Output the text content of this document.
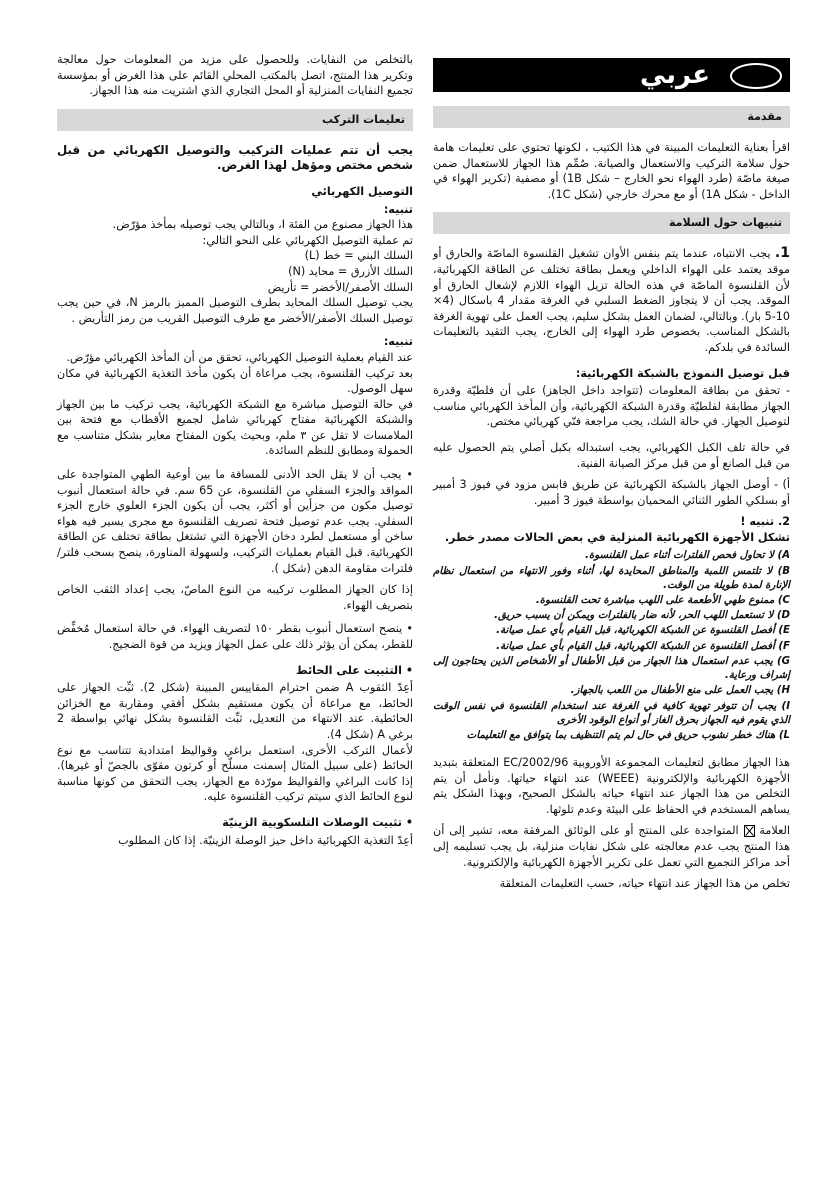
عربي
مقدمة

اقرأ بعناية التعليمات المبينة في هذا الكتيب ، لكونها تحتوي على تعليمات هامة حول سلامة التركيب والاستعمال والصيانة. صُمِّم هذا الجهاز للاستعمال ضمن صيغة ماصّة (طرد الهواء نحو الخارج – شكل 1B) أو مصفية (تكرير الهواء في الداخل - شكل 1A) أو مع محرك خارجي (شكل 1C).

تنبيهات حول السلامة

1. يجب الانتباه، عندما يتم بنفس الأوان تشغيل القلنسوة الماصّة والحارق أو موقد يعتمد على الهواء الداخلي ويعمل بطاقة تختلف عن الطاقة الكهربائية، لأن القلنسوة الماصّة في هذه الحالة تزيل الهواء اللازم لإشعال الحارق أو الموقد. يجب أن لا يتجاوز الضغط السلبي في الغرفة مقدار 4 باسكال (4× 10-5 بار). وبالتالي، لضمان العمل بشكل سليم، يجب العمل على تهوية الغرفة بالشكل المناسب. بخصوص طرد الهواء إلى الخارج، يجب التقيد بالتعليمات السائدة في بلدكم.

قبل توصيل النموذج بالشبكة الكهربائية:

- تحقق من بطاقة المعلومات (تتواجد داخل الجاهز) على أن فلطيّة وقدرة الجهاز مطابقة لفلطيّة وقدرة الشبكة الكهربائية، وأن المأخذ الكهربائي مناسب لتوصيل الجهاز. في حالة الشك، يجب مراجعة فنّي كهربائي مختص.

في حالة تلف الكبل الكهربائي، يجب استبداله بكبل أصلي يتم الحصول عليه من قبل الصانع أو من قبل مركز الصيانة الفنية.

أ) - أوصل الجهاز بالشبكة الكهربائية عن طريق قابس مزود في فيوز 3 أمبير أو بسلكي الطور الثنائي المحميان بواسطة فيوز 3 أمبير.

2. تنبيه !
تشكل الأجهزة الكهربائية المنزلية في بعض الحالات مصدر خطر.
A) لا تحاول فحص الفلترات أثناء عمل القلنسوة.
B) لا تلتمس اللمبة والمناطق المحايدة لها، أثناء وفور الانتهاء من استعمال نظام الإنارة لمدة طويلة من الوقت.
C) ممنوع طهي الأطعمة على اللهب مباشرة تحت القلنسوة.
D) لا تستعمل اللهب الحر، لأنه ضار بالفلترات ويمكن أن يسبب حريق.
E) أفصل القلنسوة عن الشبكة الكهربائية، قبل القيام بأي عمل صيانة.
F) أفصل القلنسوة عن الشبكة الكهربائية، قبل القيام بأي عمل صيانة.
G) يجب عدم استعمال هذا الجهاز من قبل الأطفال أو الأشخاص الذين يحتاجون إلى إشراف ورعاية.
H) يجب العمل على منع الأطفال من اللعب بالجهاز.
I) يجب أن تتوفر تهوية كافية في الغرفة عند استخدام القلنسوة في نفس الوقت الذي يقوم فيه الجهاز بحرق الغاز أو أنواع الوقود الأخرى
L) هناك خطر نشوب حريق في حال لم يتم التنظيف بما يتوافق مع التعليمات

هذا الجهاز مطابق لتعليمات المجموعة الأوروبية 2002/96/EC المتعلقة بتبديد الأجهزة الكهربائية والإلكترونية (WEEE) عند انتهاء حياتها. ونأمل أن يتم التخلص من هذا الجهاز عند انتهاء حياته بالشكل الصحيح، وبهذا الشكل يتم يساهم المستخدم في الحفاظ على البيئة وعدم تلوثها.

العلامة  المتواجدة على المنتج أو على الوثائق المرفقة معه، تشير إلى أن هذا المنتج يجب عدم معالجته على شكل نفايات منزلية، بل يجب تسليمه إلى أحد مراكز التجميع التي تعمل على تكرير الأجهزة الكهربائية والإلكترونية.

تخلص من هذا الجهاز عند انتهاء حياته، حسب التعليمات المتعلقة

بالتخلص من النفايات. وللحصول على مزيد من المعلومات حول معالجة وتكرير هذا المنتج، اتصل بالمكتب المحلي القائم على هذا الغرض أو بمؤسسة تجميع النفايات المنزلية أو المحل التجاري الذي اشتريت منه هذا الجهاز.

تعليمات التركب

يجب أن تتم عمليات التركيب والتوصيل الكهربائي من قبل شخص مختص ومؤهل لهذا الغرض.

التوصيل الكهربائي
تنبيه:

هذا الجهاز مصنوع من الفئة I، وبالتالي يجب توصيله بمأخذ مؤرّض.

تم عملية التوصيل الكهربائي على النحو التالي:

السلك البني = خط (L)
السلك الأزرق = محايد (N)
السلك الأصفر/الأخضر = تأريض

يجب توصيل السلك المحايد بطرف التوصيل المميز بالرمز N، في حين يجب توصيل السلك الأصفر/الأخضر مع طرف التوصيل القريب من رمز التأريض .

تنبيه:

عند القيام بعملية التوصيل الكهربائي، تحقق من أن المأخذ الكهربائي مؤرّض.

بعد تركيب القلنسوة، يجب مراعاة أن يكون مأخذ التغذية الكهربائية في مكان سهل الوصول.

في حالة التوصيل مباشرة مع الشبكة الكهربائية، يجب تركيب ما بين الجهاز والشبكة الكهربائية مفتاح كهربائي شامل لجميع الأقطاب مع فتحة بين الملامسات لا تقل عن ٣ ملم، وبحيث يكون المفتاح معاير بشكل متناسب مع الحمولة ومطابق للنظم السائدة.

• يجب أن لا يقل الحد الأدنى للمسافة ما بين أوعية الطهي المتواجدة على المواقد والجزء السفلي من القلنسوة، عن 65 سم. في حالة استعمال أنبوب توصيل مكون من جزأين أو أكثر، يجب أن يكون الجزء العلوي خارج الجزء السفلي. يجب عدم توصيل فتحة تصريف القلنسوة مع مجرى يسير فيه هواء ساخن أو مستعمل لطرد دخان الأجهزة التي تشتغل بطاقة تختلف عن الطاقة الكهربائية. قبل القيام بعمليات التركيب، ولسهولة المناورة، ينصح بسحب فلتر/فلترات مقاومة الدهن (شكل ).

إذا كان الجهاز المطلوب تركيبه من النوع الماصّ، يجب إعداد الثقب الخاص بتصريف الهواء.

• ينصح استعمال أنبوب بقطر ١٥٠ لتصريف الهواء. في حالة استعمال مُخفِّض للقطر، يمكن أن يؤثر ذلك على عمل الجهاز ويزيد من قوة الضجيج.

• التثبيت على الحائط

أعِدّ الثقوب A ضمن احترام المقاييس المبينة (شكل 2). ثبِّت الجهاز على الحائط، مع مراعاة أن يكون مستقيم بشكل أفقي ومقاربة مع الخزائن الحائطية. عند الانتهاء من التعديل، ثبِّت القلنسوة بشكل نهائي بواسطة 2 برغي A (شكل 4).

لأعمال التركب الأخرى، استعمل براغي وقواليظ امتدادية تتناسب مع نوع الحائط (على سبيل المثال إسمنت مسلّح أو كرتون مقوّى بالجصّ أو غيرها). إذا كانت البراغي والقواليظ مورّدة مع الجهاز، يجب التحقق من كونها مناسبة لنوع الحائط الذي سيتم تركيب القلنسوة عليه.

• تثبيت الوصلات التلسكوبية الزينيّة

أعِدّ التغذية الكهربائية داخل حيز الوصلة الزينيّة. إذا كان المطلوب
